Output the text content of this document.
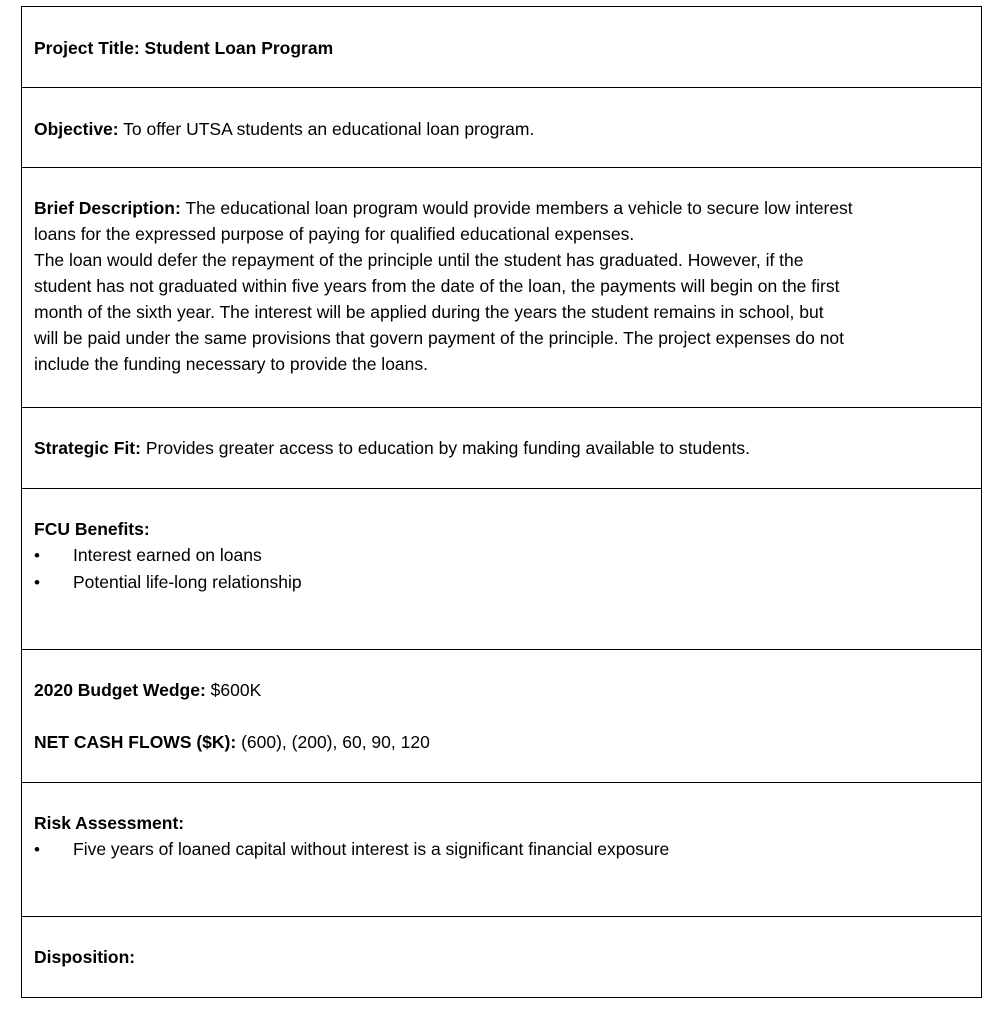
Project Title: Student Loan Program
Objective: To offer UTSA students an educational loan program.
Brief Description: The educational loan program would provide members a vehicle to secure low interest
loans for the expressed purpose of paying for qualified educational expenses.
The loan would defer the repayment of the principle until the student has graduated. However, if the
student has not graduated within five years from the date of the loan, the payments will begin on the first
month of the sixth year. The interest will be applied during the years the student remains in school, but
will be paid under the same provisions that govern payment of the principle. The project expenses do not
include the funding necessary to provide the loans.
Strategic Fit: Provides greater access to education by making funding available to students.
FCU Benefits:
•	Interest earned on loans
•	Potential life-long relationship
2020 Budget Wedge: $600K
NET CASH FLOWS ($K): (600), (200), 60, 90, 120
Risk Assessment:
•	Five years of loaned capital without interest is a significant financial exposure
Disposition:
